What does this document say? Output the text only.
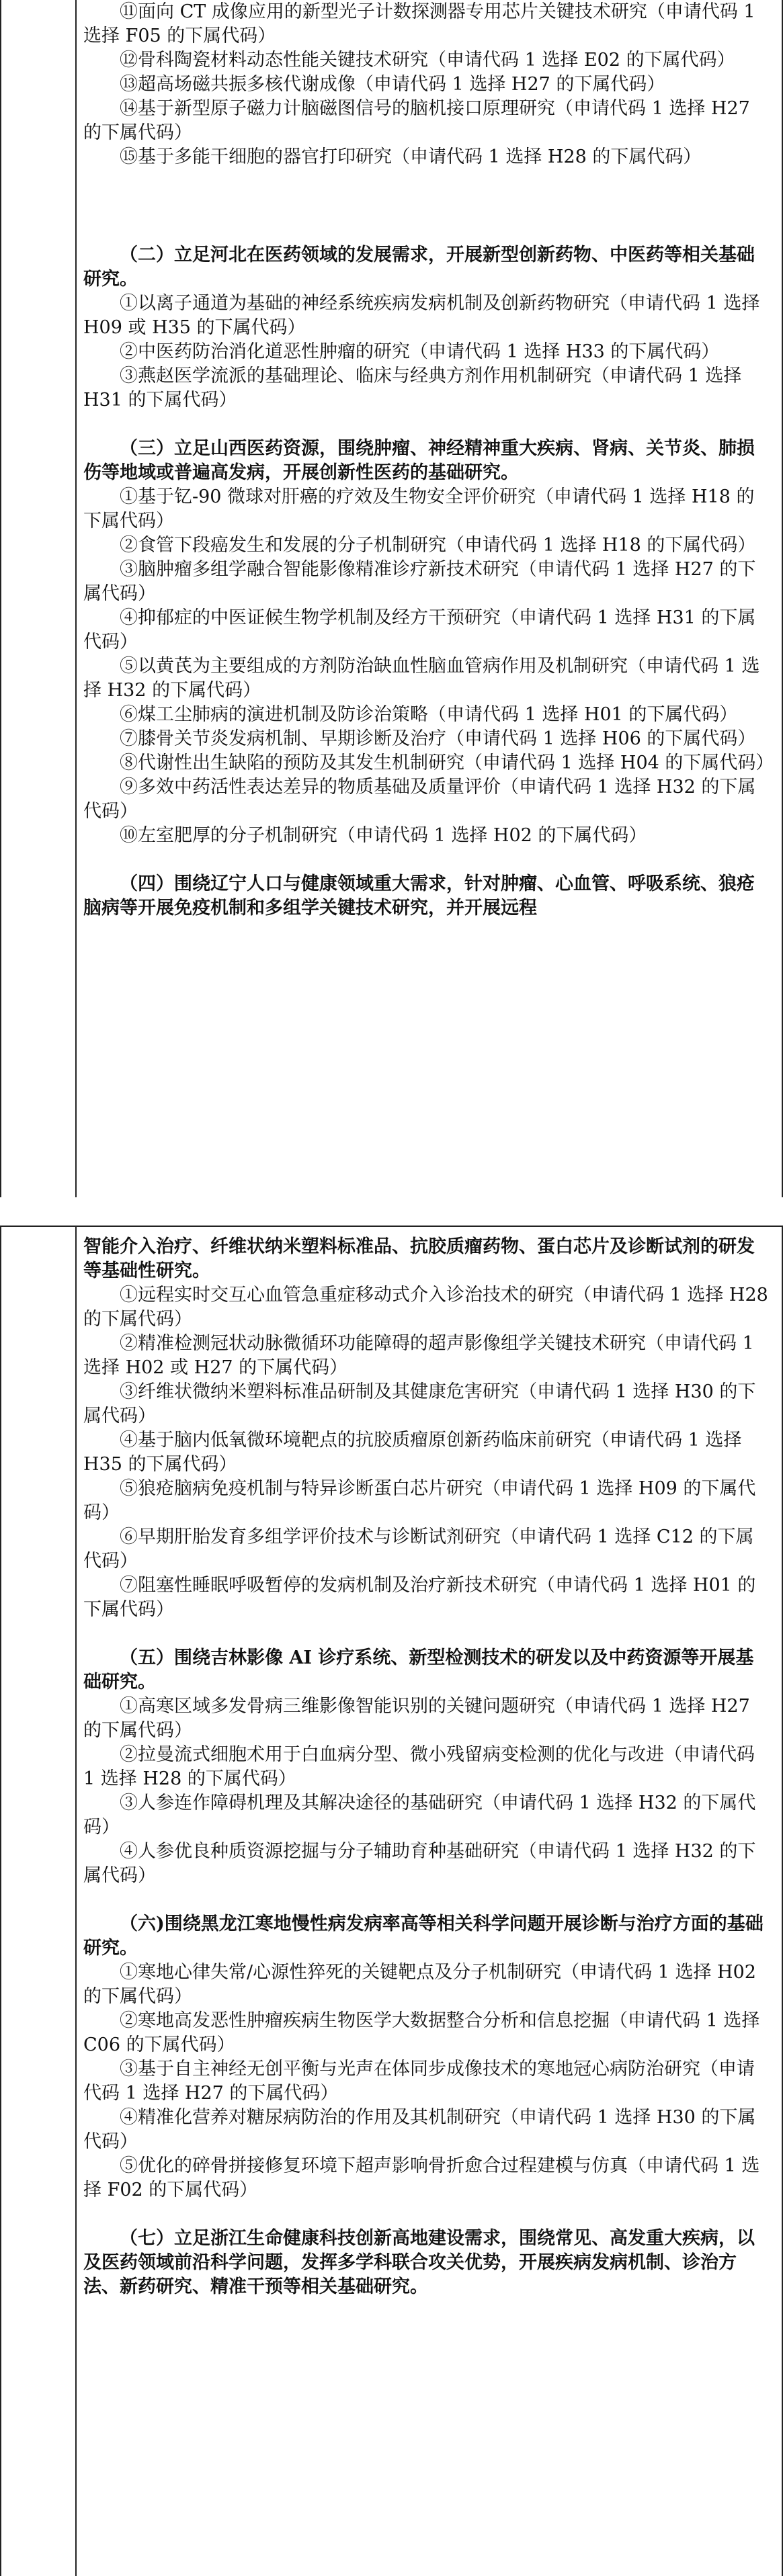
⑪面向 CT 成像应用的新型光子计数探测器专用芯片关键技术研究（申请代码 1 选择 F05 的下属代码）

⑫骨科陶瓷材料动态性能关键技术研究（申请代码 1 选择 E02 的下属代码）

⑬超高场磁共振多核代谢成像（申请代码 1 选择 H27 的下属代码）

⑭基于新型原子磁力计脑磁图信号的脑机接口原理研究（申请代码 1 选择 H27 的下属代码）

⑮基于多能干细胞的器官打印研究（申请代码 1 选择 H28 的下属代码）

（二）立足河北在医药领域的发展需求，开展新型创新药物、中医药等相关基础研究。

①以离子通道为基础的神经系统疾病发病机制及创新药物研究（申请代码 1 选择 H09 或 H35 的下属代码）

②中医药防治消化道恶性肿瘤的研究（申请代码 1 选择 H33 的下属代码）

③燕赵医学流派的基础理论、临床与经典方剂作用机制研究（申请代码 1 选择 H31 的下属代码）

（三）立足山西医药资源，围绕肿瘤、神经精神重大疾病、肾病、关节炎、肺损伤等地域或普遍高发病，开展创新性医药的基础研究。

①基于钇-90 微球对肝癌的疗效及生物安全评价研究（申请代码 1 选择 H18 的下属代码）

②食管下段癌发生和发展的分子机制研究（申请代码 1 选择 H18 的下属代码）

③脑肿瘤多组学融合智能影像精准诊疗新技术研究（申请代码 1 选择 H27 的下属代码）

④抑郁症的中医证候生物学机制及经方干预研究（申请代码 1 选择 H31 的下属代码）

⑤以黄芪为主要组成的方剂防治缺血性脑血管病作用及机制研究（申请代码 1 选择 H32 的下属代码）

⑥煤工尘肺病的演进机制及防诊治策略（申请代码 1 选择 H01 的下属代码）

⑦膝骨关节炎发病机制、早期诊断及治疗（申请代码 1 选择 H06 的下属代码）

⑧代谢性出生缺陷的预防及其发生机制研究（申请代码 1 选择 H04 的下属代码）

⑨多效中药活性表达差异的物质基础及质量评价（申请代码 1 选择 H32 的下属代码）

⑩左室肥厚的分子机制研究（申请代码 1 选择 H02 的下属代码）

（四）围绕辽宁人口与健康领域重大需求，针对肿瘤、心血管、呼吸系统、狼疮脑病等开展免疫机制和多组学关键技术研究，并开展远程

智能介入治疗、纤维状纳米塑料标准品、抗胶质瘤药物、蛋白芯片及诊断试剂的研发等基础性研究。

①远程实时交互心血管急重症移动式介入诊治技术的研究（申请代码 1 选择 H28 的下属代码）

②精准检测冠状动脉微循环功能障碍的超声影像组学关键技术研究（申请代码 1 选择 H02 或 H27 的下属代码）

③纤维状微纳米塑料标准品研制及其健康危害研究（申请代码 1 选择 H30 的下属代码）

④基于脑内低氧微环境靶点的抗胶质瘤原创新药临床前研究（申请代码 1 选择 H35 的下属代码）

⑤狼疮脑病免疫机制与特异诊断蛋白芯片研究（申请代码 1 选择 H09 的下属代码）

⑥早期肝胎发育多组学评价技术与诊断试剂研究（申请代码 1 选择 C12 的下属代码）

⑦阻塞性睡眠呼吸暂停的发病机制及治疗新技术研究（申请代码 1 选择 H01 的下属代码）

（五）围绕吉林影像 AI 诊疗系统、新型检测技术的研发以及中药资源等开展基础研究。

①高寒区域多发骨病三维影像智能识别的关键问题研究（申请代码 1 选择 H27 的下属代码）

②拉曼流式细胞术用于白血病分型、微小残留病变检测的优化与改进（申请代码 1 选择 H28 的下属代码）

③人参连作障碍机理及其解决途径的基础研究（申请代码 1 选择 H32 的下属代码）

④人参优良种质资源挖掘与分子辅助育种基础研究（申请代码 1 选择 H32 的下属代码）

（六)围绕黑龙江寒地慢性病发病率高等相关科学问题开展诊断与治疗方面的基础研究。

①寒地心律失常/心源性猝死的关键靶点及分子机制研究（申请代码 1 选择 H02 的下属代码）

②寒地高发恶性肿瘤疾病生物医学大数据整合分析和信息挖掘（申请代码 1 选择 C06 的下属代码）

③基于自主神经无创平衡与光声在体同步成像技术的寒地冠心病防治研究（申请代码 1 选择 H27 的下属代码）

④精准化营养对糖尿病防治的作用及其机制研究（申请代码 1 选择 H30 的下属代码）

⑤优化的碎骨拼接修复环境下超声影响骨折愈合过程建模与仿真（申请代码 1 选择 F02 的下属代码）

（七）立足浙江生命健康科技创新高地建设需求，围绕常见、高发重大疾病，以及医药领域前沿科学问题，发挥多学科联合攻关优势，开展疾病发病机制、诊治方法、新药研究、精准干预等相关基础研究。
